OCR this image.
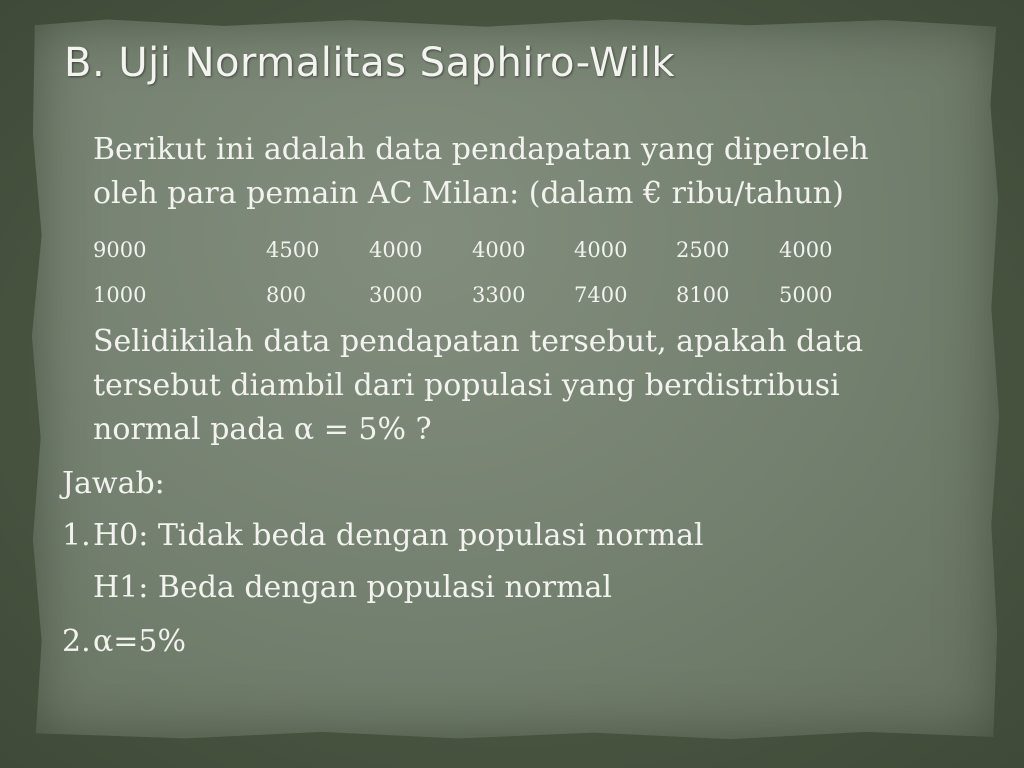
B. Uji Normalitas Saphiro-Wilk
Berikut ini adalah data pendapatan yang diperoleh
oleh para pemain AC Milan: (dalam € ribu/tahun)
9000	4500 4000 4000 4000 2500 4000
1000	800	3000 3300 7400 8100 5000
Selidikilah data pendapatan tersebut, apakah data
tersebut diambil dari populasi yang berdistribusi
normal pada α = 5% ?
Jawab:
1. H0: Tidak beda dengan populasi normal
H1: Beda dengan populasi normal
2. α=5%
